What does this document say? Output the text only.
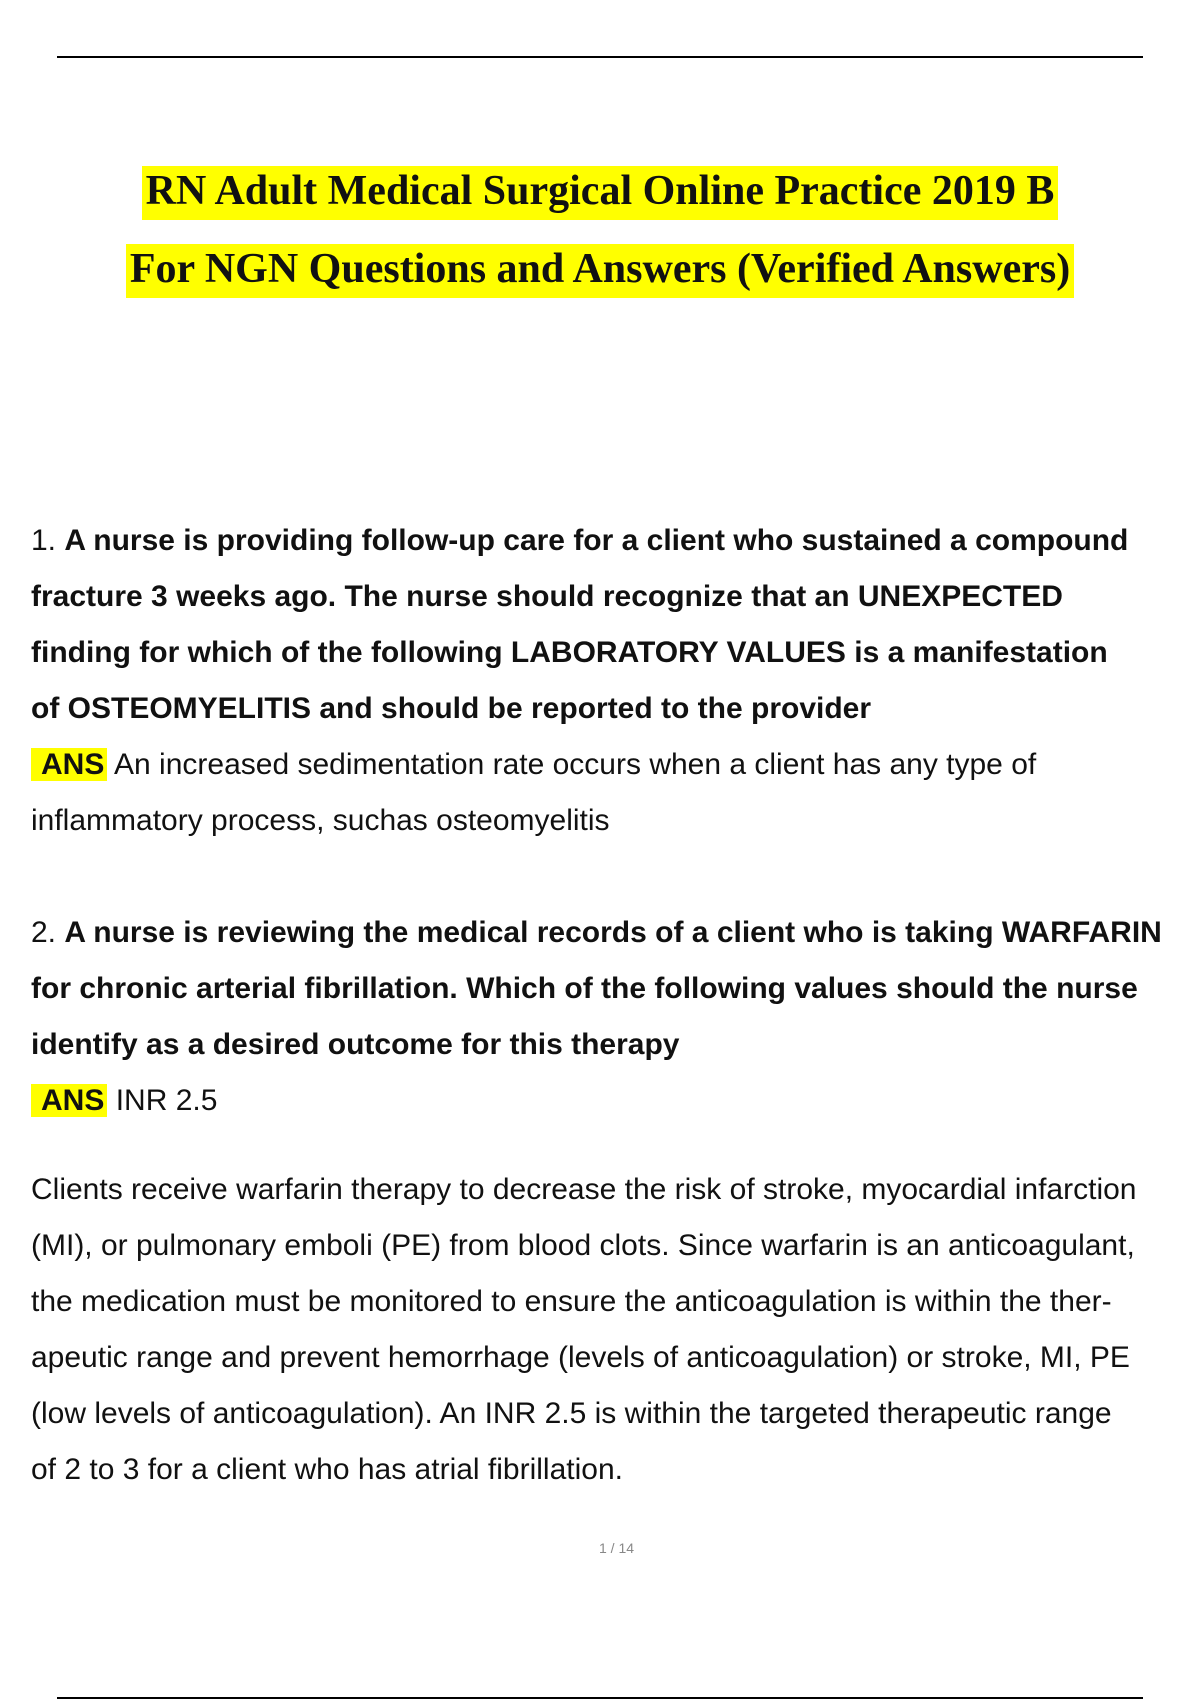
RN Adult Medical Surgical Online Practice 2019 B
For NGN Questions and Answers (Verified Answers)
1. A nurse is providing follow-up care for a client who sustained a compound
fracture 3 weeks ago. The nurse should recognize that an UNEXPECTED
finding for which of the following LABORATORY VALUES is a manifestation
of OSTEOMYELITIS and should be reported to the provider
ANS An increased sedimentation rate occurs when a client has any type of
inflammatory process, suchas osteomyelitis
2. A nurse is reviewing the medical records of a client who is taking WARFARIN
for chronic arterial fibrillation. Which of the following values should the nurse
identify as a desired outcome for this therapy
ANS INR 2.5
Clients receive warfarin therapy to decrease the risk of stroke, myocardial infarction
(MI), or pulmonary emboli (PE) from blood clots. Since warfarin is an anticoagulant,
the medication must be monitored to ensure the anticoagulation is within the ther-
apeutic range and prevent hemorrhage (levels of anticoagulation) or stroke, MI, PE
(low levels of anticoagulation). An INR 2.5 is within the targeted therapeutic range
of 2 to 3 for a client who has atrial fibrillation.
1 / 14
